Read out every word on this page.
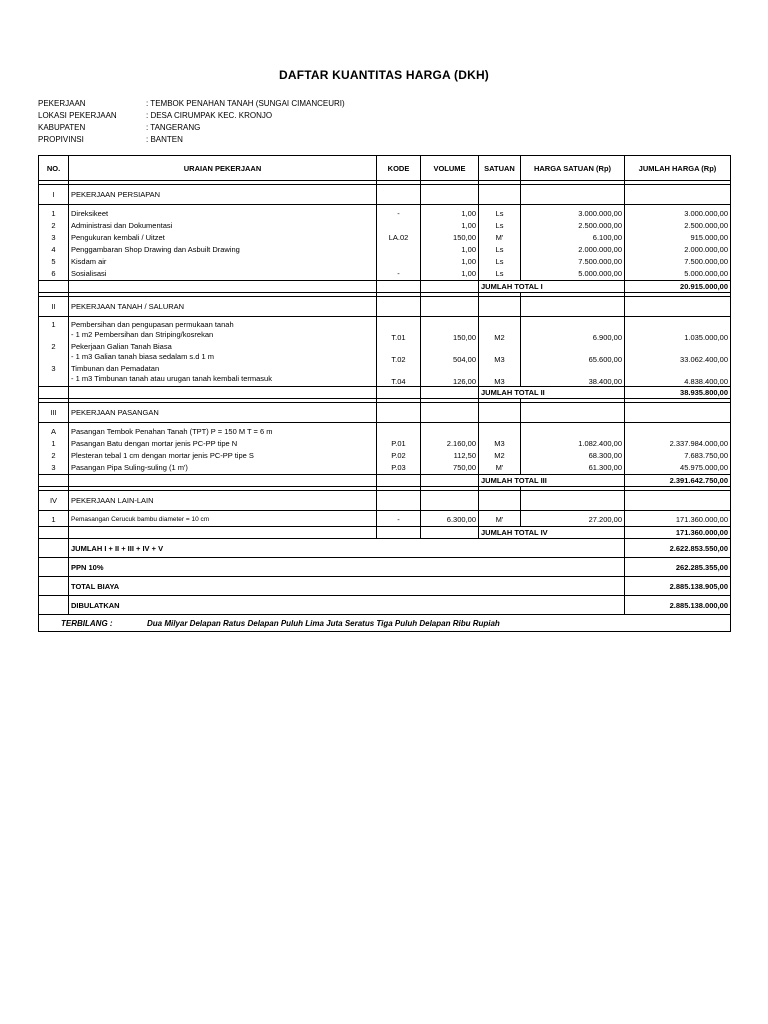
DAFTAR KUANTITAS HARGA (DKH)
PEKERJAAN	: TEMBOK PENAHAN TANAH (SUNGAI CIMANCEURI)
LOKASI PEKERJAAN	: DESA CIRUMPAK KEC. KRONJO
KABUPATEN	: TANGERANG
PROPIVINSI	: BANTEN
NO.	URAIAN PEKERJAAN	KODE	VOLUME	SATUAN	HARGA SATUAN (Rp)	JUMLAH HARGA (Rp)

I	PEKERJAAN PERSIAPAN					

1	Direksikeet	-	1,00	Ls	3.000.000,00	3.000.000,00
2	Administrasi dan Dokumentasi		1,00	Ls	2.500.000,00	2.500.000,00
3	Pengukuran kembali / Uitzet	LA.02	150,00	M'	6.100,00	915.000,00
4	Penggambaran Shop Drawing dan Asbuilt Drawing		1,00	Ls	2.000.000,00	2.000.000,00
5	Kisdam air		1,00	Ls	7.500.000,00	7.500.000,00
6	Sosialisasi	-	1,00	Ls	5.000.000,00	5.000.000,00
				JUMLAH TOTAL I		20.915.000,00

II	PEKERJAAN TANAH / SALURAN					

1	Pembersihan dan pengupasan permukaan tanah
- 1 m2 Pembersihan dan Striping/kosrekan	T.01	150,00	M2	6.900,00	1.035.000,00
2	Pekerjaan Galian Tanah Biasa
- 1 m3 Galian tanah biasa sedalam s.d 1 m	T.02	504,00	M3	65.600,00	33.062.400,00
3	Timbunan dan Pemadatan
- 1 m3 Timbunan tanah atau urugan tanah kembali termasuk	T.04	126,00	M3	38.400,00	4.838.400,00
				JUMLAH TOTAL II		38.935.800,00

III	PEKERJAAN PASANGAN					

A	Pasangan Tembok Penahan Tanah (TPT) P = 150 M T = 6 m					
1	Pasangan Batu dengan mortar jenis PC-PP tipe N	P.01	2.160,00	M3	1.082.400,00	2.337.984.000,00
2	Plesteran tebal 1 cm dengan mortar jenis PC-PP tipe S	P.02	112,50	M2	68.300,00	7.683.750,00
3	Pasangan Pipa Suling-suling (1 m')	P.03	750,00	M'	61.300,00	45.975.000,00
				JUMLAH TOTAL III		2.391.642.750,00

IV	PEKERJAAN LAIN-LAIN					

1	Pemasangan Cerucuk bambu diameter = 10 cm	-	6.300,00	M'	27.200,00	171.360.000,00
				JUMLAH TOTAL IV		171.360.000,00
	JUMLAH I + II + III + IV + V					2.622.853.550,00
	PPN 10%					262.285.355,00
	TOTAL BIAYA					2.885.138.905,00
	DIBULATKAN					2.885.138.000,00
TERBILANG : Dua Milyar Delapan Ratus Delapan Puluh Lima Juta Seratus Tiga Puluh Delapan Ribu Rupiah						
